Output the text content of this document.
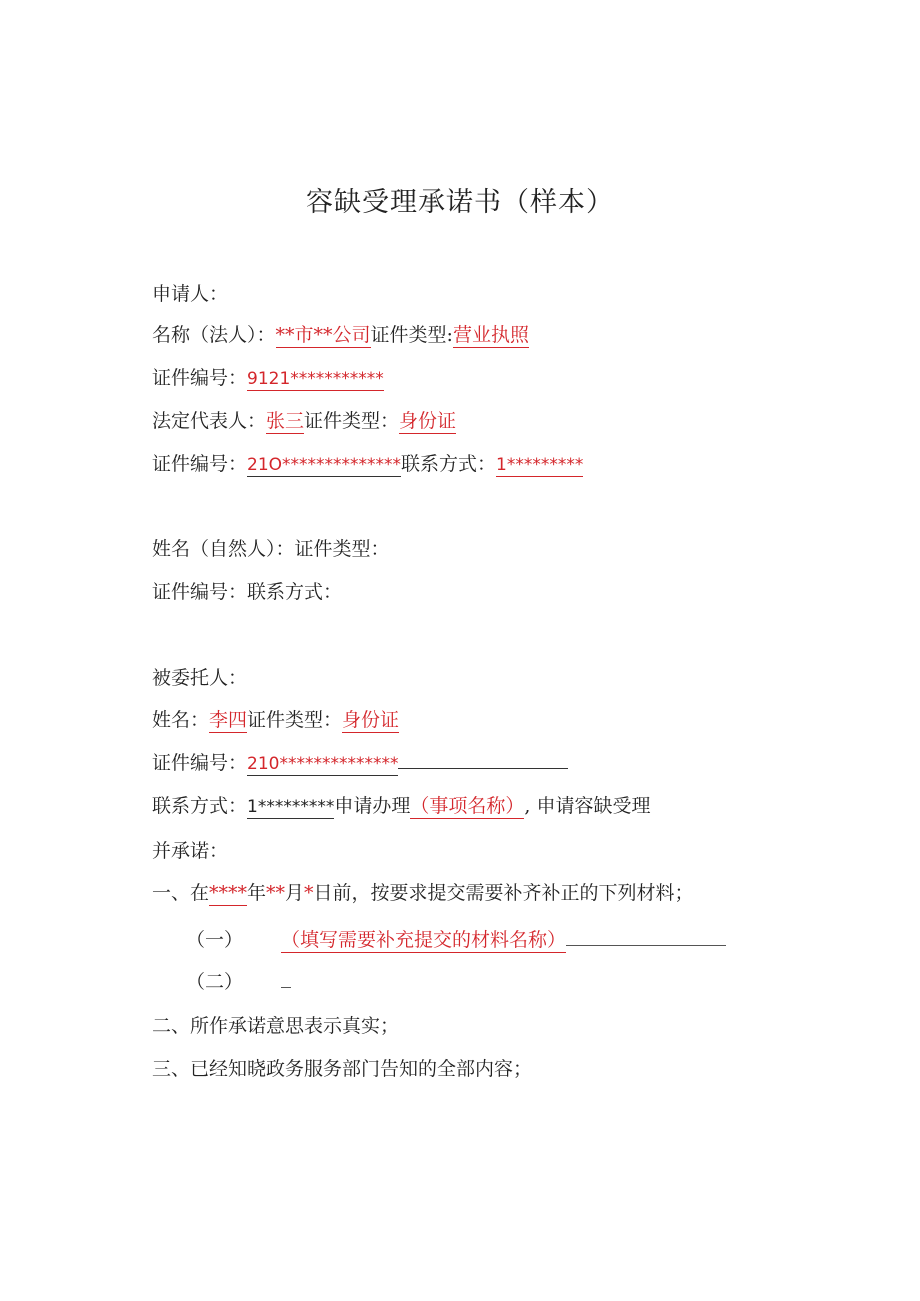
容缺受理承诺书（样本）
申请人：
名称（法人）：**市**公司证件类型:营业执照
证件编号：9121***********
法定代表人：张三证件类型：身份证
证件编号：21O**************联系方式：1*********
姓名（自然人）：证件类型：
证件编号：联系方式：
被委托人：
姓名：李四证件类型：身份证
证件编号：210**************
联系方式：1*********申请办理（事项名称）, 申请容缺受理
并承诺：
一、在****年**月*日前，按要求提交需要补齐补正的下列材料；
（一） （填写需要补充提交的材料名称）
（二）
二、所作承诺意思表示真实；
三、已经知晓政务服务部门告知的全部内容；
